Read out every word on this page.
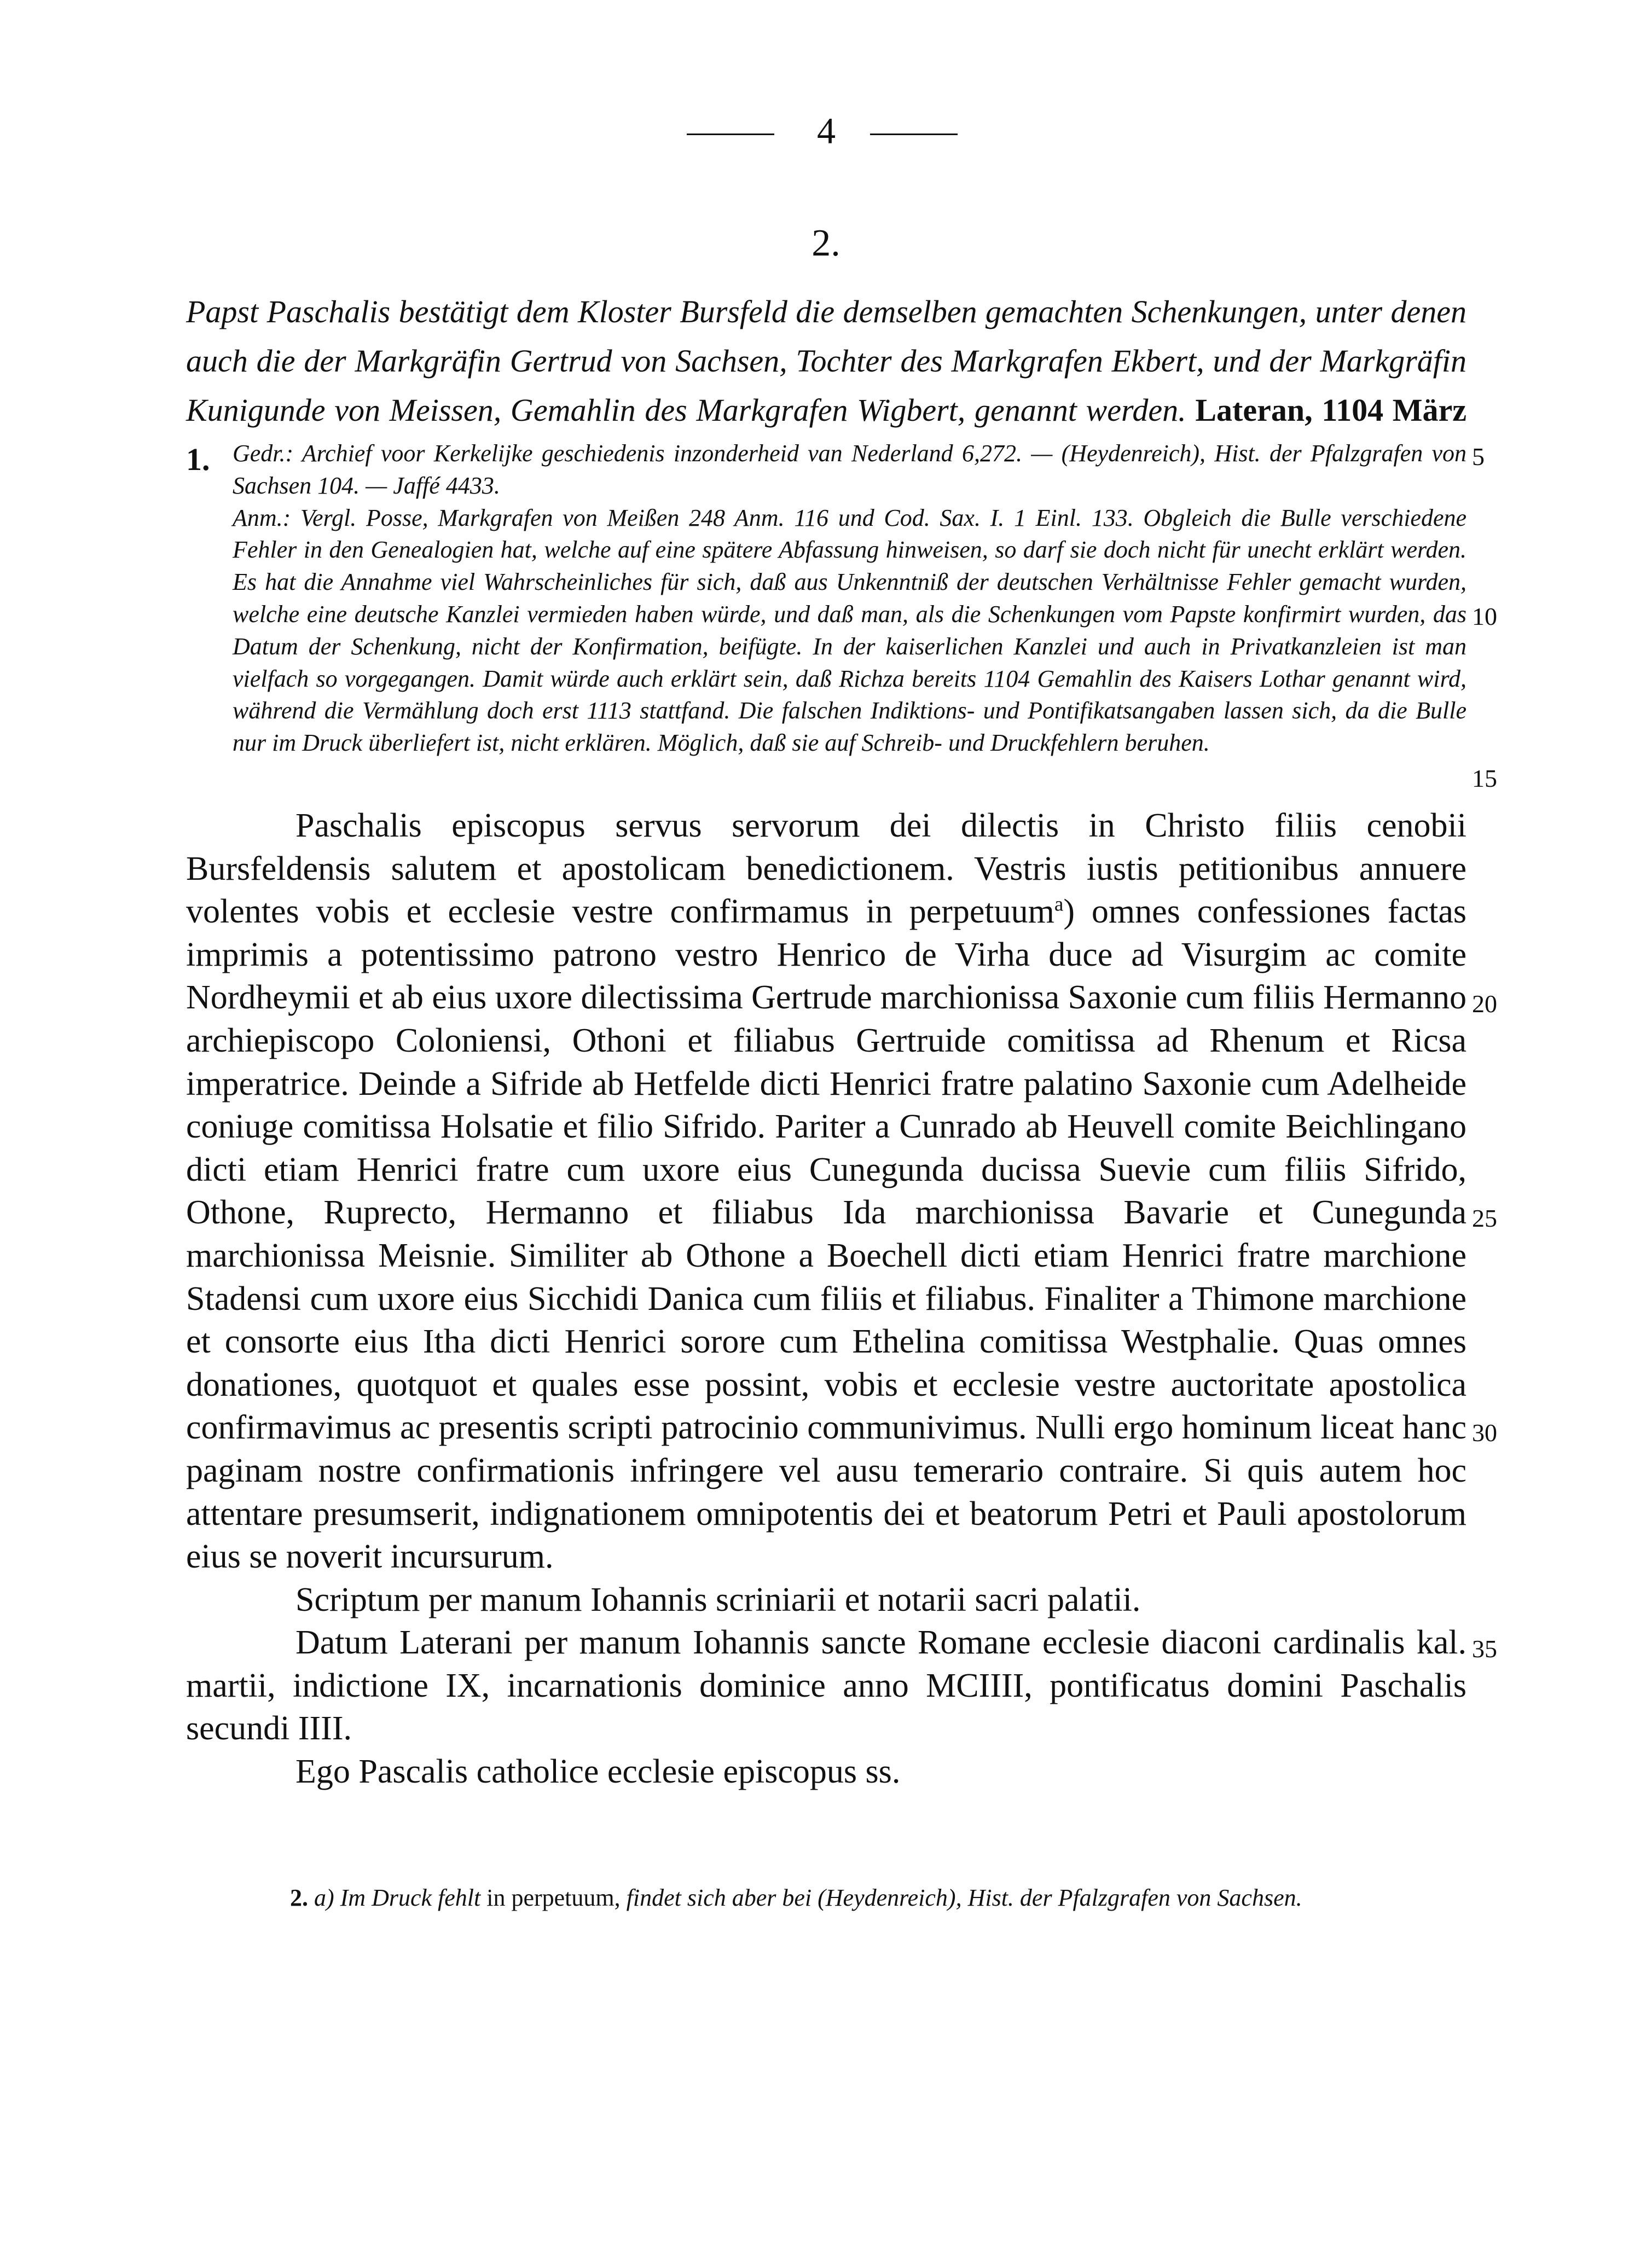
4
2.
Papst Paschalis bestätigt dem Kloster Bursfeld die demselben gemachten Schenkungen, unter denen auch die der Markgräfin Gertrud von Sachsen, Tochter des Markgrafen Ekbert, und der Markgräfin Kunigunde von Meissen, Gemahlin des Markgrafen Wigbert, genannt werden. Lateran, 1104 März 1. Gedr.: Archief voor Kerkelijke geschiedenis inzonderheid van Nederland 6,272. — (Heydenreich), Hist. der Pfalzgrafen von Sachsen 104. — Jaffé 4433.

Anm.: Vergl. Posse, Markgrafen von Meißen 248 Anm. 116 und Cod. Sax. I. 1 Einl. 133. Obgleich die Bulle verschiedene Fehler in den Genealogien hat, welche auf eine spätere Abfassung hinweisen, so darf sie doch nicht für unecht erklärt werden. Es hat die Annahme viel Wahrscheinliches für sich, daß aus Unkenntniß der deutschen Verhältnisse Fehler gemacht wurden, welche eine deutsche Kanzlei vermieden haben würde, und daß man, als die Schenkungen vom Papste konfirmirt wurden, das Datum der Schenkung, nicht der Konfirmation, beifügte. In der kaiserlichen Kanzlei und auch in Privatkanzleien ist man vielfach so vorgegangen. Damit würde auch erklärt sein, daß Richza bereits 1104 Gemahlin des Kaisers Lothar genannt wird, während die Vermählung doch erst 1113 stattfand. Die falschen Indiktions- und Pontifikatsangaben lassen sich, da die Bulle nur im Druck überliefert ist, nicht erklären. Möglich, daß sie auf Schreib- und Druckfehlern beruhen.

Paschalis episcopus servus servorum dei dilectis in Christo filiis cenobii Bursfeldensis salutem et apostolicam benedictionem. Vestris iustis petitionibus annuere volentes vobis et ecclesie vestre confirmamus in perpetuum$^a$) omnes confessiones factas imprimis a potentissimo patrono vestro Henrico de Virha duce ad Visurgim ac comite Nordheymii et ab eius uxore dilectissima Gertrude marchionissa Saxonie cum filiis Hermanno archiepiscopo Coloniensi, Othoni et filiabus Gertruide comitissa ad Rhenum et Ricsa imperatrice. Deinde a Sifride ab Hetfelde dicti Henrici fratre palatino Saxonie cum Adelheide coniuge comitissa Holsatie et filio Sifrido. Pariter a Cunrado ab Heuvell comite Beichlingano dicti etiam Henrici fratre cum uxore eius Cunegunda ducissa Suevie cum filiis Sifrido, Othone, Ruprecto, Hermanno et filiabus Ida marchionissa Bavarie et Cunegunda marchionissa Meisnie. Similiter ab Othone a Boechell dicti etiam Henrici fratre marchione Stadensi cum uxore eius Sicchidi Danica cum filiis et filiabus. Finaliter a Thimone marchione et consorte eius Itha dicti Henrici sorore cum Ethelina comitissa Westphalie. Quas omnes donationes, quotquot et quales esse possint, vobis et ecclesie vestre auctoritate apostolica confirmavimus ac presentis scripti patrocinio communivimus. Nulli ergo hominum liceat hanc paginam nostre confirmationis infringere vel ausu temerario contraire. Si quis autem hoc attentare presumserit, indignationem omnipotentis dei et beatorum Petri et Pauli apostolorum eius se noverit incursurum.

Scriptum per manum Iohannis scriniarii et notarii sacri palatii.

Datum Laterani per manum Iohannis sancte Romane ecclesie diaconi cardinalis kal. martii, indictione IX, incarnationis dominice anno MCIIII, pontificatus domini Paschalis secundi IIII.

Ego Pascalis catholice ecclesie episcopus ss.

2. a) Im Druck fehlt in perpetuum, findet sich aber bei (Heydenreich), Hist. der Pfalzgrafen von Sachsen.
5
10
15
20
25
30
35
